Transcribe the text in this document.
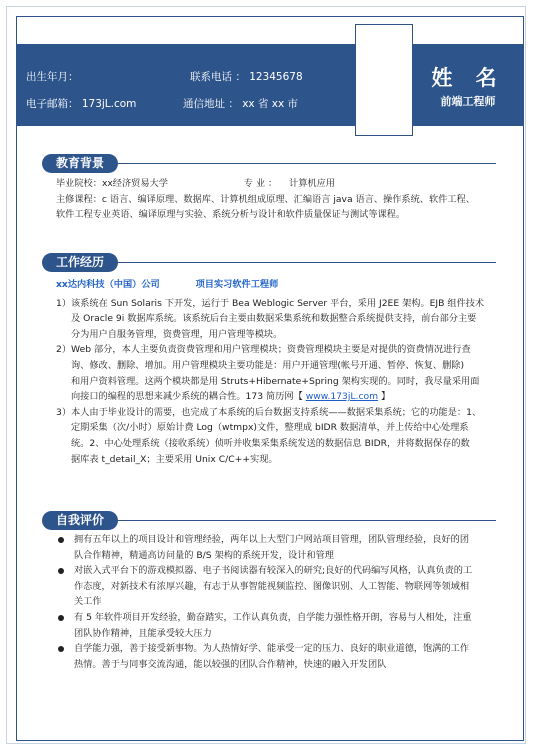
出生年月：	联系电话 ： 12345678
电子邮箱： 173jL.com	通信地址 ： xx 省 xx 市
姓 名
前端工程师
教育背景
毕业院校：xx经济贸易大学	专 业 ： 计算机应用
主修课程：c 语言、编译原理、数据库、计算机组成原理、汇编语言 java 语言、操作系统、软件工程、
软件工程专业英语、编译原理与实验、系统分析与设计和软件质量保证与测试等课程。
工作经历
xx达内科技（中国）公司	项目实习软件工程师
1）该系统在 Sun Solaris 下开发，运行于 Bea Weblogic Server 平台，采用 J2EE 架构。EJB 组件技术
及 Oracle 9i 数据库系统。该系统后台主要由数据采集系统和数据整合系统提供支持，前台部分主要
分为用户自服务管理，资费管理，用户管理等模块。
2）Web 部分，本人主要负责资费管理和用户管理模块；资费管理模块主要是对提供的资费情况进行查
询、修改、删除、增加。用户管理模块主要功能是：用户开通管理(帐号开通、暂停、恢复、删除)
和用户资料管理。这两个模块都是用 Struts+Hibernate+Spring 架构实现的。同时，我尽量采用面
向接口的编程的思想来减少系统的耦合性。173 简历网【 www.173jL.com 】
3）本人由于毕业设计的需要，也完成了本系统的后台数据支持系统——数据采集系统；它的功能是：1、
定期采集（次/小时）原始计费 Log（wtmpx)文件，整理成 bIDR 数据清单，并上传给中心处理系
统。2、中心处理系统（接收系统）侦听并收集采集系统发送的数据信息 BIDR，并将数据保存的数
据库表 t_detail_X；主要采用 Unix C/C++实现。
自我评价
拥有五年以上的项目设计和管理经验，两年以上大型门户网站项目管理，团队管理经验，良好的团
队合作精神，精通高访问量的 B/S 架构的系统开发，设计和管理
对嵌入式平台下的游戏模拟器、电子书阅读器有较深入的研究;良好的代码编写风格，认真负责的工
作态度，对新技术有浓厚兴趣，有志于从事智能视频监控、图像识别、人工智能、物联网等领域相
关工作
有 5 年软件项目开发经验，勤奋踏实，工作认真负责，自学能力强性格开朗，容易与人相处，注重
团队协作精神，且能承受较大压力
自学能力强，善于接受新事物。为人热情好学、能承受一定的压力、良好的职业道德，饱满的工作
热情。善于与同事交流沟通，能以较强的团队合作精神，快速的融入开发团队
